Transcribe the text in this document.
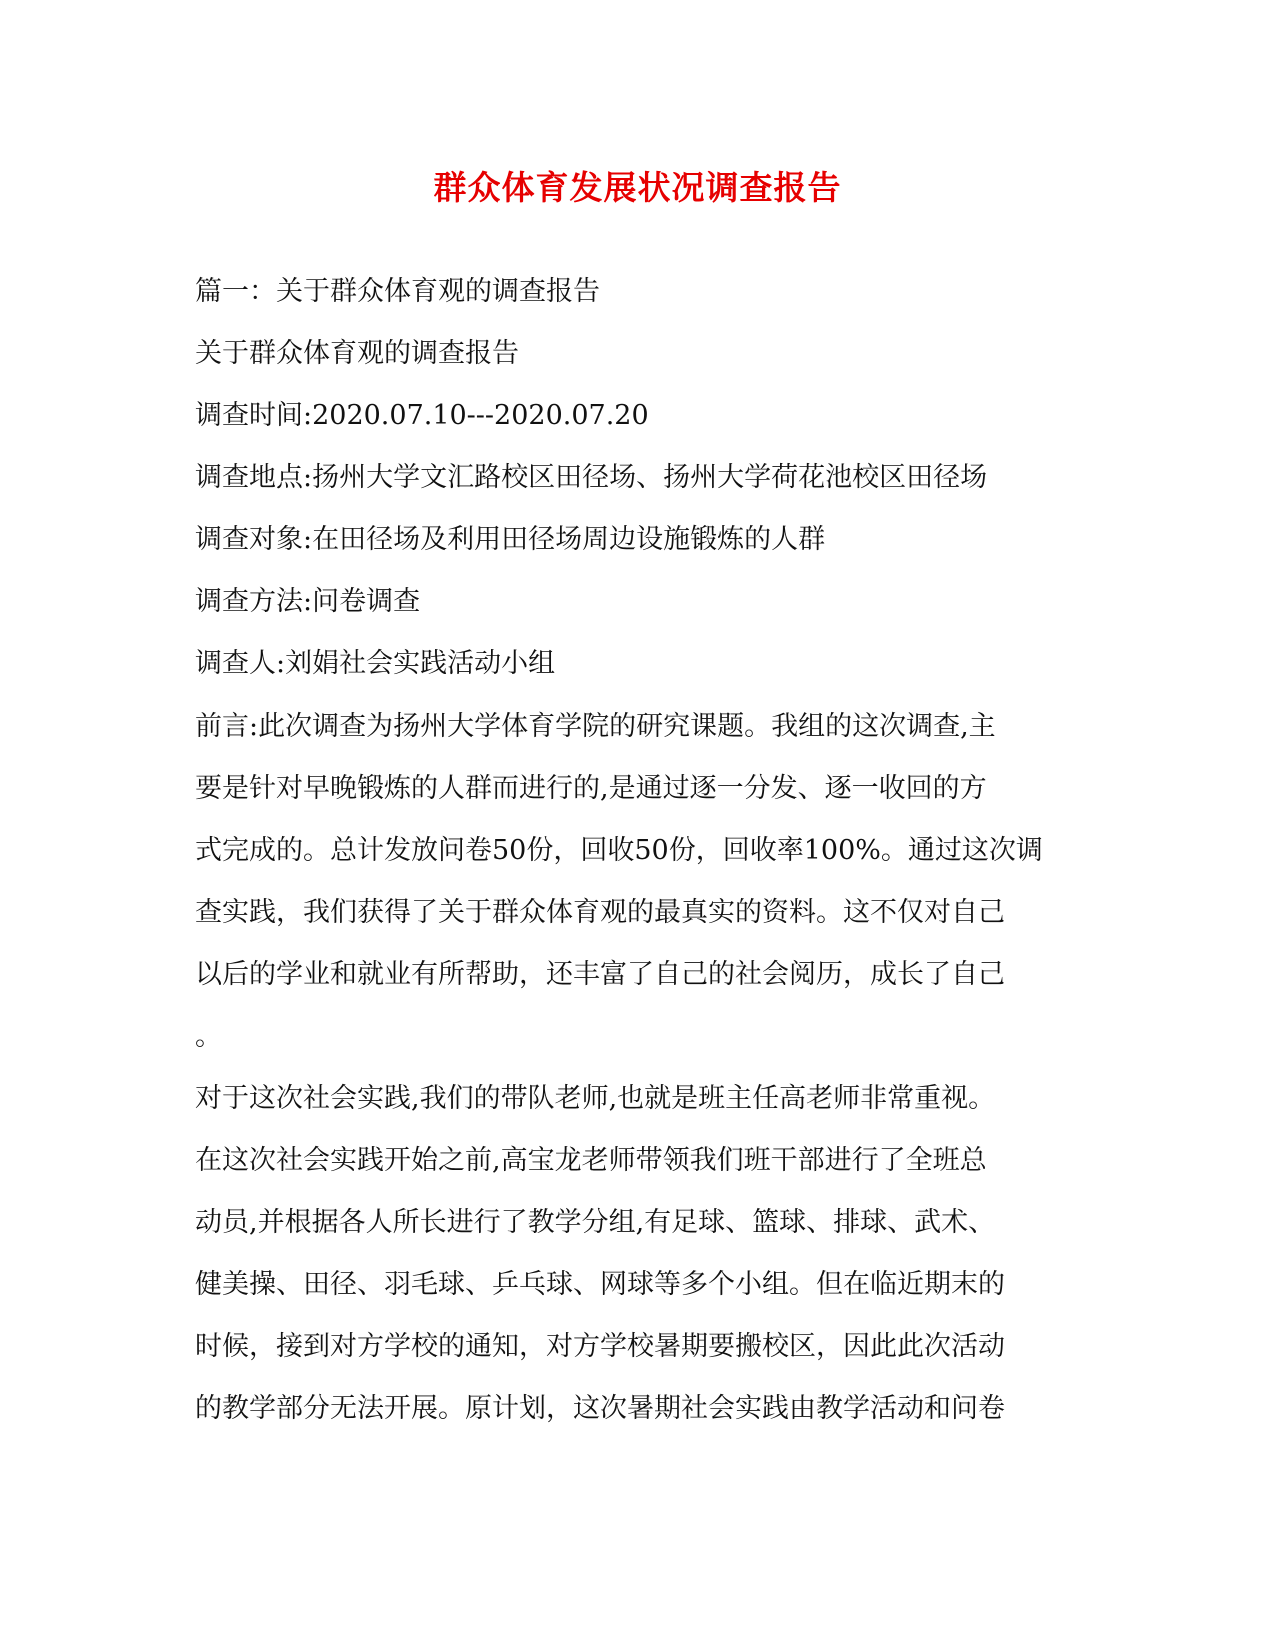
群众体育发展状况调查报告
篇一：关于群众体育观的调查报告
关于群众体育观的调查报告
调查时间:2020.07.10---2020.07.20
调查地点:扬州大学文汇路校区田径场、扬州大学荷花池校区田径场
调查对象:在田径场及利用田径场周边设施锻炼的人群
调查方法:问卷调查
调查人:刘娟社会实践活动小组
前言:此次调查为扬州大学体育学院的研究课题。我组的这次调查,主
要是针对早晚锻炼的人群而进行的,是通过逐一分发、逐一收回的方
式完成的。总计发放问卷50份，回收50份，回收率100%。通过这次调
查实践，我们获得了关于群众体育观的最真实的资料。这不仅对自己
以后的学业和就业有所帮助，还丰富了自己的社会阅历，成长了自己
。
对于这次社会实践,我们的带队老师,也就是班主任高老师非常重视。
在这次社会实践开始之前,高宝龙老师带领我们班干部进行了全班总
动员,并根据各人所长进行了教学分组,有足球、篮球、排球、武术、
健美操、田径、羽毛球、乒乓球、网球等多个小组。但在临近期末的
时候，接到对方学校的通知，对方学校暑期要搬校区，因此此次活动
的教学部分无法开展。原计划，这次暑期社会实践由教学活动和问卷
